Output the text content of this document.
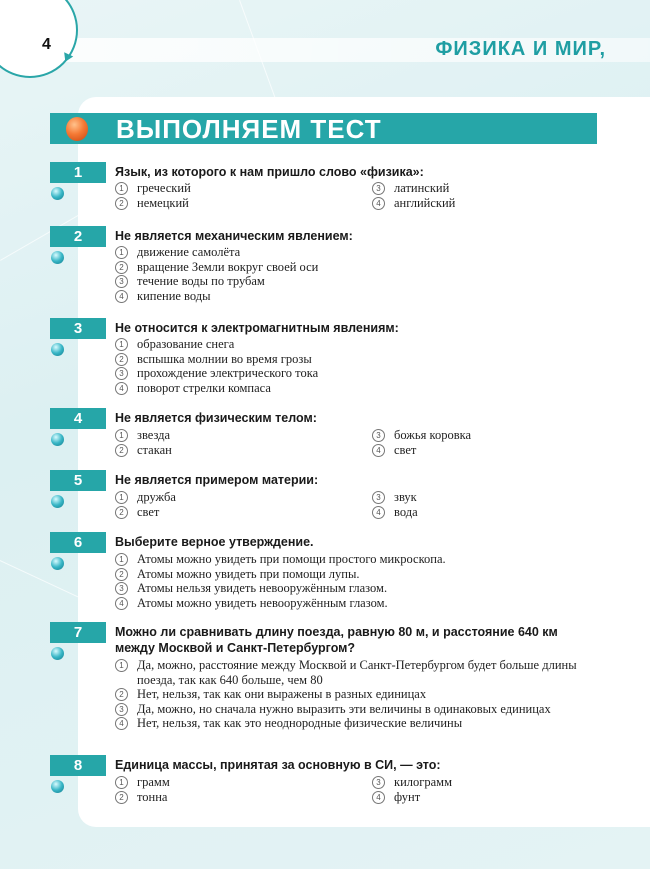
4	ФИЗИКА И МИР,
ВЫПОЛНЯЕМ ТЕСТ
1	Язык, из которого к нам пришло слово «физика»:
1	греческий
2	немецкий
3	латинский
4	английский
2	Не является механическим явлением:
1	движение самолёта
2	вращение Земли вокруг своей оси
3	течение воды по трубам
4	кипение воды
3	Не относится к электромагнитным явлениям:
1	образование снега
2	вспышка молнии во время грозы
3	прохождение электрического тока
4	поворот стрелки компаса
4	Не является физическим телом:
1	звезда
2	стакан
3	божья коровка
4	свет
5	Не является примером материи:
1	дружба
2	свет
3	звук
4	вода
6	Выберите верное утверждение.
1	Атомы можно увидеть при помощи простого микроскопа.
2	Атомы можно увидеть при помощи лупы.
3	Атомы нельзя увидеть невооружённым глазом.
4	Атомы можно увидеть невооружённым глазом.
7	Можно ли сравнивать длину поезда, равную 80 м, и расстояние 640 км между Москвой и Санкт-Петербургом?
1	Да, можно, расстояние между Москвой и Санкт-Петербургом будет больше длины поезда, так как 640 больше, чем 80
2	Нет, нельзя, так как они выражены в разных единицах
3	Да, можно, но сначала нужно выразить эти величины в одинаковых единицах
4	Нет, нельзя, так как это неоднородные физические величины
8	Единица массы, принятая за основную в СИ, — это:
1	грамм
2	тонна
3	килограмм
4	фунт
